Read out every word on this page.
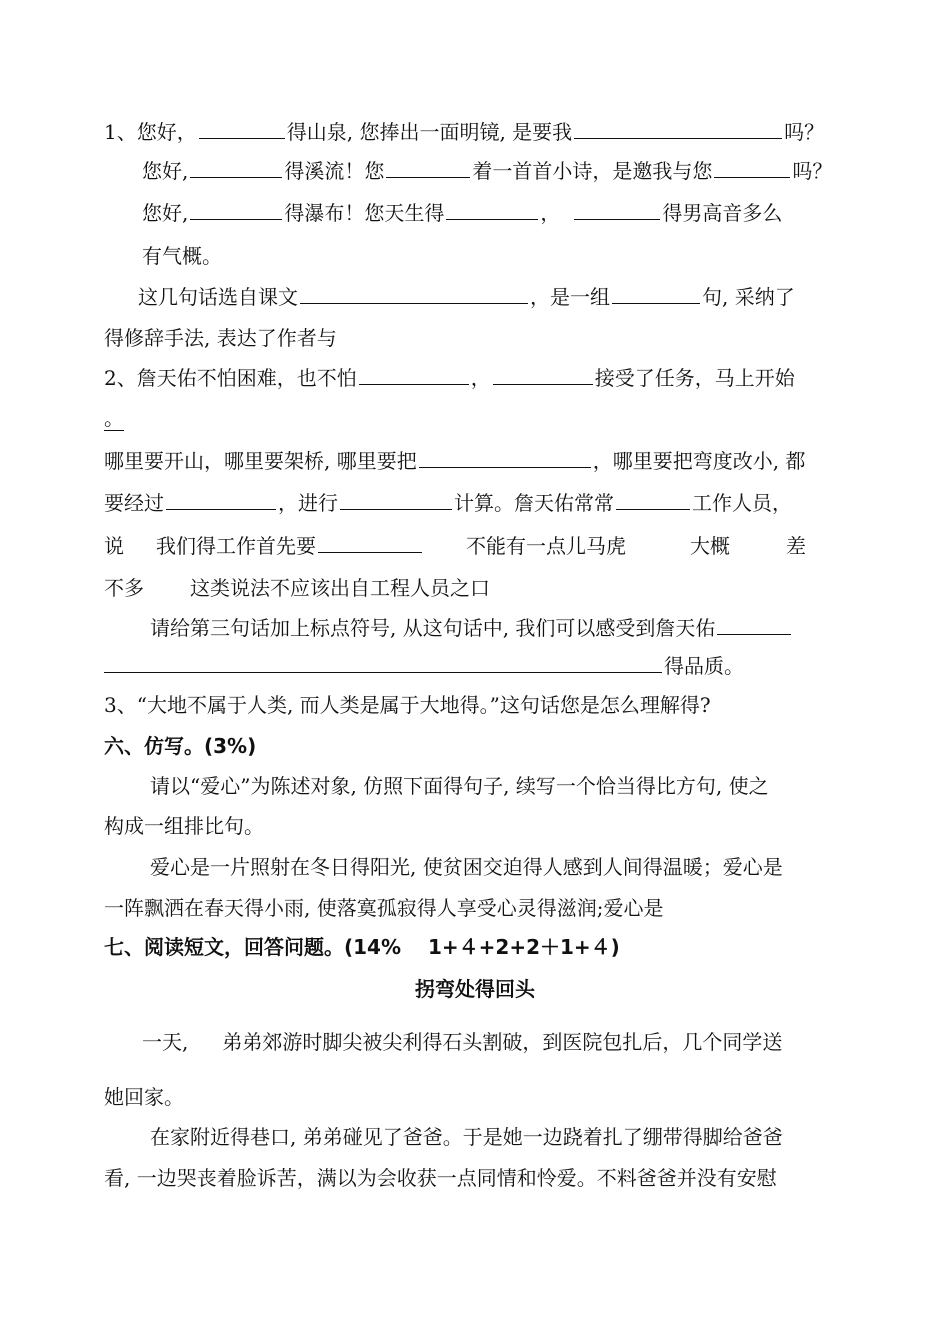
1、您好，	得山泉, 您捧出一面明镜, 是要我	吗？
您好,	得溪流！您	着一首首小诗，是邀我与您	吗？
您好,	得瀑布！您天生得	，	得男高音多么
有气概。
这几句话选自课文	，是一组	句, 采纳了
得修辞手法, 表达了作者与
2、詹天佑不怕困难，也不怕	，	接受了任务，马上开始
。
哪里要开山，哪里要架桥, 哪里要把	，哪里要把弯度改小, 都
要经过	，进行	计算。詹天佑常常	工作人员，
说 我们得工作首先要	不能有一点儿马虎	大概	差
不多 这类说法不应该出自工程人员之口
请给第三句话加上标点符号, 从这句话中, 我们可以感受到詹天佑
得品质。
3、“大地不属于人类, 而人类是属于大地得。”这句话您是怎么理解得?
六、仿写。(3%)
请以“爱心”为陈述对象, 仿照下面得句子, 续写一个恰当得比方句, 使之
构成一组排比句。
爱心是一片照射在冬日得阳光, 使贫困交迫得人感到人间得温暖；爱心是
一阵飘洒在春天得小雨, 使落寞孤寂得人享受心灵得滋润;爱心是
七、阅读短文，回答问题。(14%　 1+４+2+2＋1+４)
拐弯处得回头
一天, 弟弟郊游时脚尖被尖利得石头割破，到医院包扎后，几个同学送
她回家。
在家附近得巷口, 弟弟碰见了爸爸。于是她一边跷着扎了绷带得脚给爸爸
看, 一边哭丧着脸诉苦，满以为会收获一点同情和怜爱。不料爸爸并没有安慰
